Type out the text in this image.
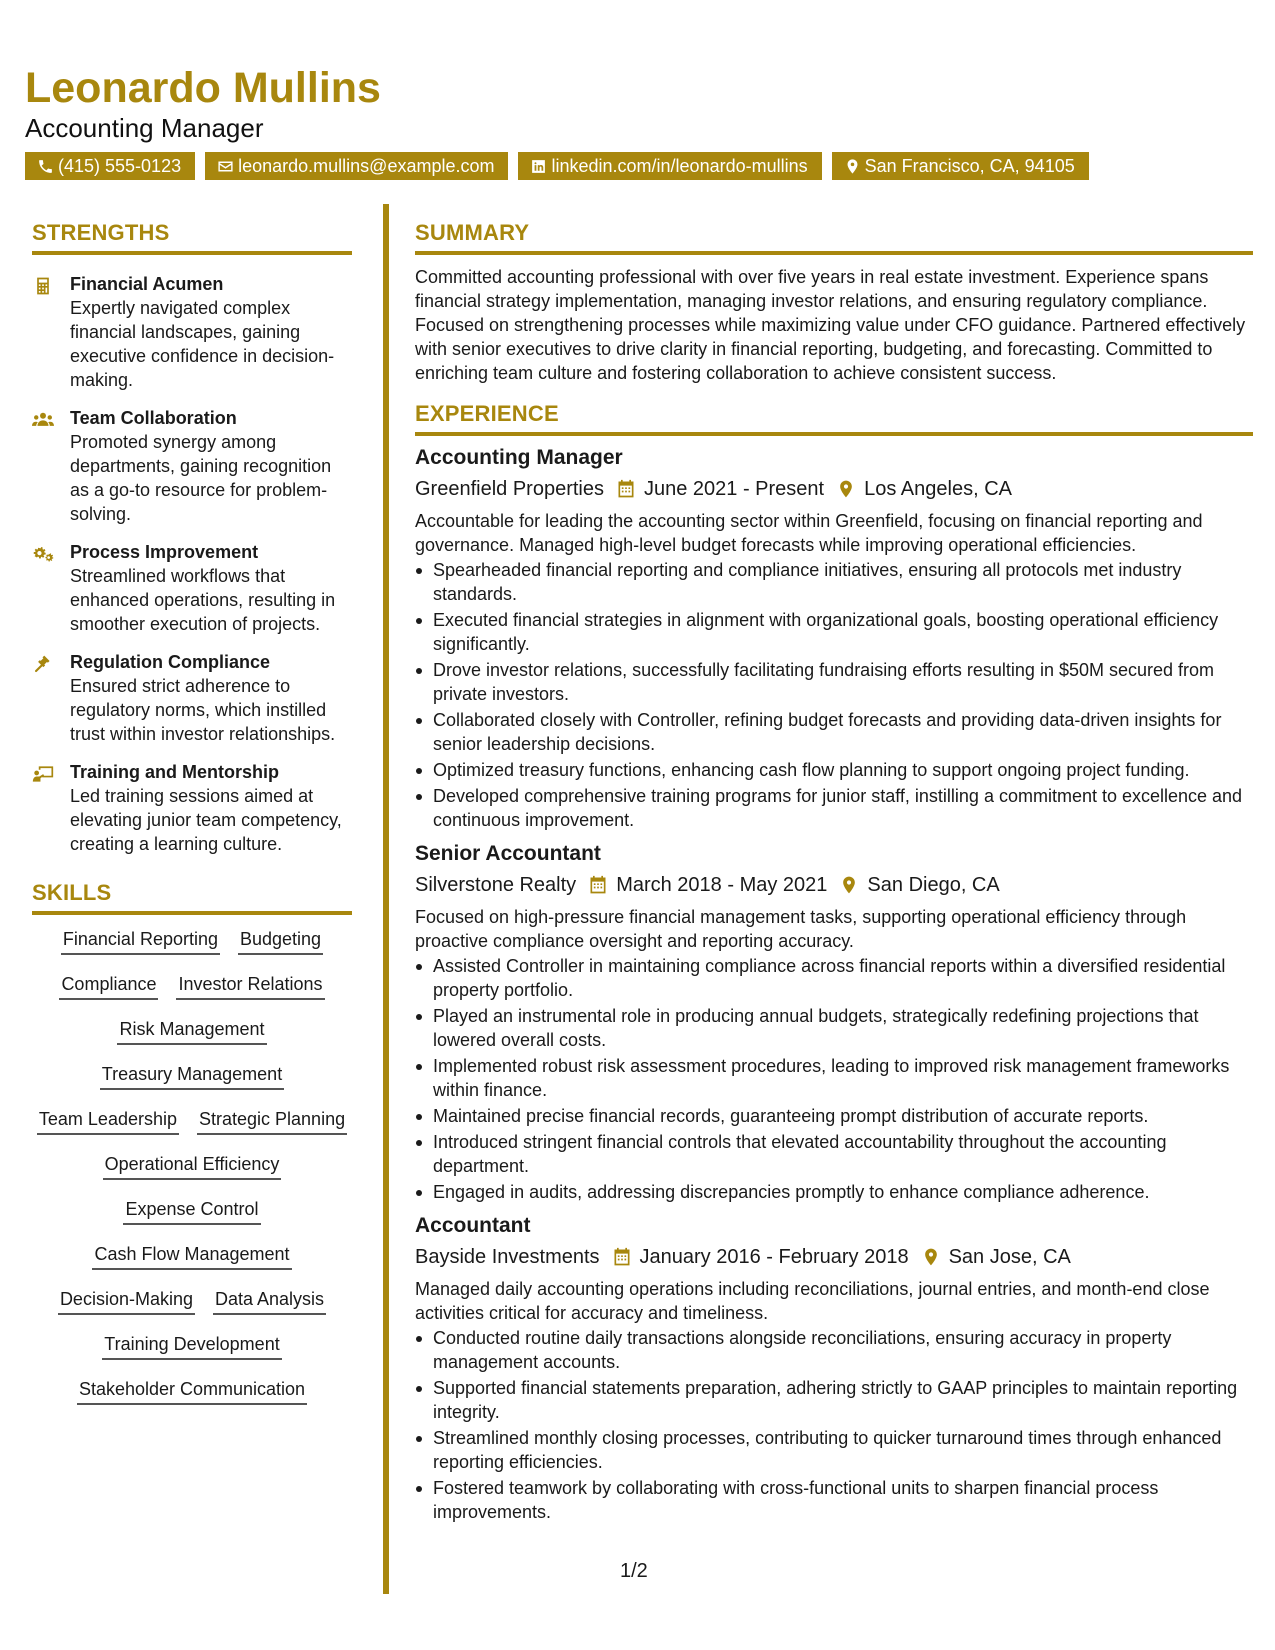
Leonardo Mullins
Accounting Manager
(415) 555-0123	leonardo.mullins@example.com	linkedin.com/in/leonardo-mullins	San Francisco, CA, 94105
STRENGTHS
Financial Acumen
Expertly navigated complex financial landscapes, gaining executive confidence in decision-making.
Team Collaboration
Promoted synergy among departments, gaining recognition as a go-to resource for problem-solving.
Process Improvement
Streamlined workflows that enhanced operations, resulting in smoother execution of projects.
Regulation Compliance
Ensured strict adherence to regulatory norms, which instilled trust within investor relationships.
Training and Mentorship
Led training sessions aimed at elevating junior team competency, creating a learning culture.
SKILLS
Financial Reporting Budgeting
Compliance Investor Relations
Risk Management
Treasury Management
Team Leadership Strategic Planning
Operational Efficiency
Expense Control
Cash Flow Management
Decision-Making Data Analysis
Training Development
Stakeholder Communication
SUMMARY
Committed accounting professional with over five years in real estate investment. Experience spans financial strategy implementation, managing investor relations, and ensuring regulatory compliance. Focused on strengthening processes while maximizing value under CFO guidance. Partnered effectively with senior executives to drive clarity in financial reporting, budgeting, and forecasting. Committed to enriching team culture and fostering collaboration to achieve consistent success.
EXPERIENCE
Accounting Manager
Greenfield Properties June 2021 - Present Los Angeles, CA
Accountable for leading the accounting sector within Greenfield, focusing on financial reporting and governance. Managed high-level budget forecasts while improving operational efficiencies.
Spearheaded financial reporting and compliance initiatives, ensuring all protocols met industry standards.
Executed financial strategies in alignment with organizational goals, boosting operational efficiency significantly.
Drove investor relations, successfully facilitating fundraising efforts resulting in $50M secured from private investors.
Collaborated closely with Controller, refining budget forecasts and providing data-driven insights for senior leadership decisions.
Optimized treasury functions, enhancing cash flow planning to support ongoing project funding.
Developed comprehensive training programs for junior staff, instilling a commitment to excellence and continuous improvement.
Senior Accountant
Silverstone Realty March 2018 - May 2021 San Diego, CA
Focused on high-pressure financial management tasks, supporting operational efficiency through proactive compliance oversight and reporting accuracy.
Assisted Controller in maintaining compliance across financial reports within a diversified residential property portfolio.
Played an instrumental role in producing annual budgets, strategically redefining projections that lowered overall costs.
Implemented robust risk assessment procedures, leading to improved risk management frameworks within finance.
Maintained precise financial records, guaranteeing prompt distribution of accurate reports.
Introduced stringent financial controls that elevated accountability throughout the accounting department.
Engaged in audits, addressing discrepancies promptly to enhance compliance adherence.
Accountant
Bayside Investments January 2016 - February 2018 San Jose, CA
Managed daily accounting operations including reconciliations, journal entries, and month-end close activities critical for accuracy and timeliness.
Conducted routine daily transactions alongside reconciliations, ensuring accuracy in property management accounts.
Supported financial statements preparation, adhering strictly to GAAP principles to maintain reporting integrity.
Streamlined monthly closing processes, contributing to quicker turnaround times through enhanced reporting efficiencies.
Fostered teamwork by collaborating with cross-functional units to sharpen financial process improvements.
1/2
